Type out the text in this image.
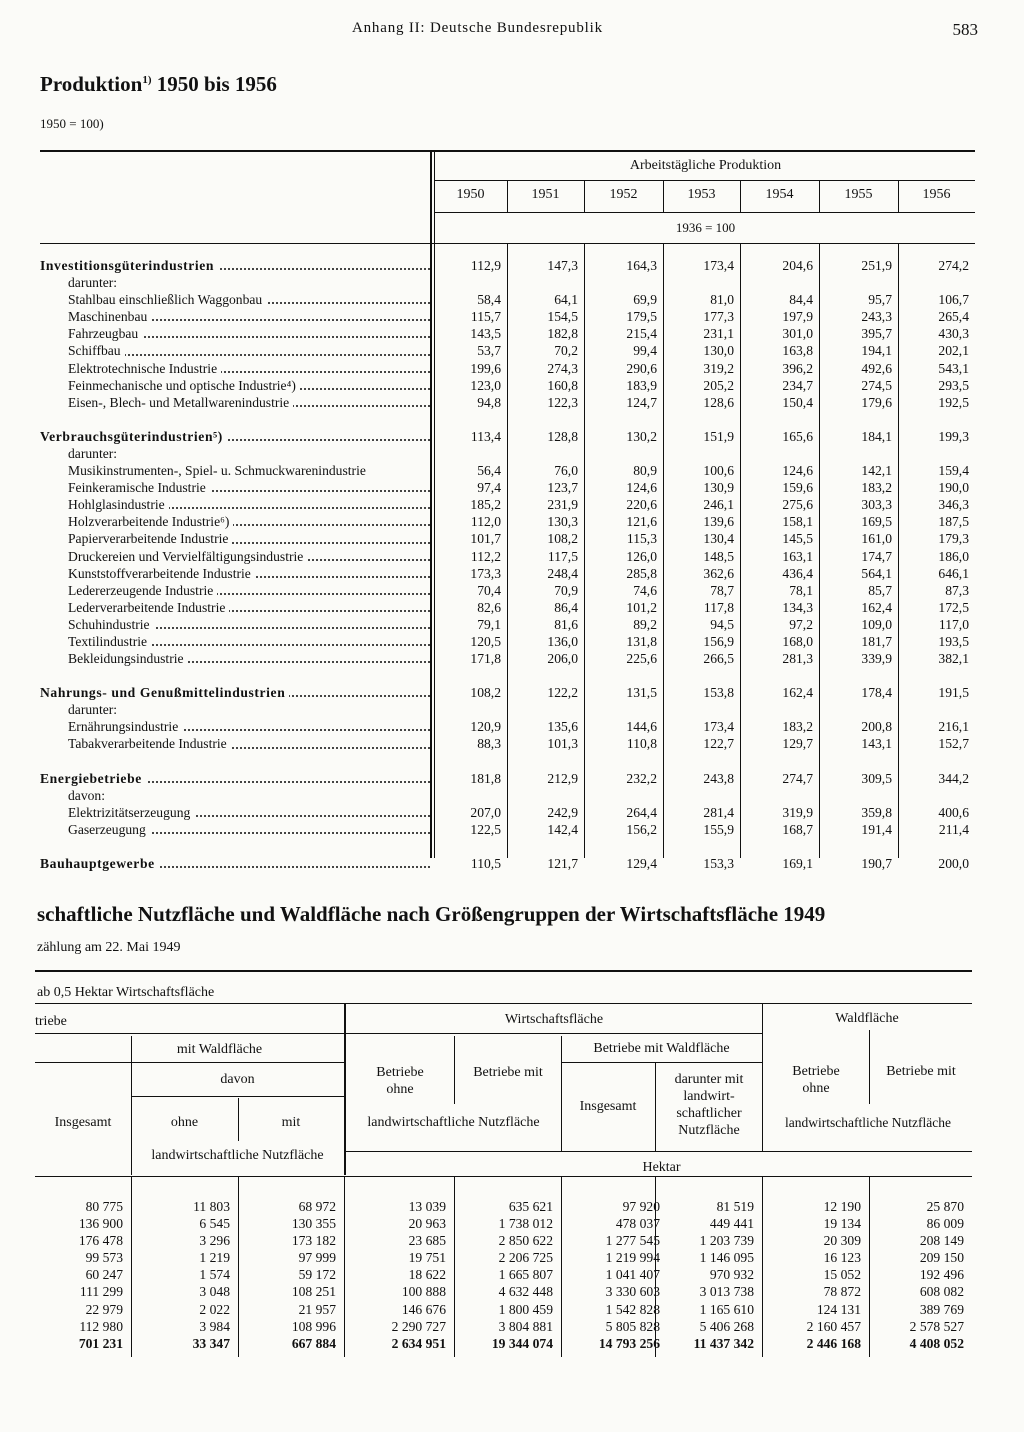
Anhang II: Deutsche Bundesrepublik	583
Produktion$^{1)}$ 1950 bis 1956
1950 = 100)
Arbeitstägliche Produktion
1950	1951	1952	1953	1954	1955	1956
1936 = 100
Investitionsgüterindustrien		112,9	147,3	164,3	173,4	204,6	251,9	274,2

darunter:								

Stahlbau einschließlich Waggonbau		58,4	64,1	69,9	81,0	84,4	95,7	106,7

Maschinenbau		115,7	154,5	179,5	177,3	197,9	243,3	265,4

Fahrzeugbau		143,5	182,8	215,4	231,1	301,0	395,7	430,3

Schiffbau		53,7	70,2	99,4	130,0	163,8	194,1	202,1

Elektrotechnische Industrie		199,6	274,3	290,6	319,2	396,2	492,6	543,1

Feinmechanische und optische Industrie⁴)		123,0	160,8	183,9	205,2	234,7	274,5	293,5

Eisen-, Blech- und Metallwarenindustrie		94,8	122,3	124,7	128,6	150,4	179,6	192,5

Verbrauchsgüterindustrien⁵)		113,4	128,8	130,2	151,9	165,6	184,1	199,3

darunter:								

Musikinstrumenten-, Spiel- u. Schmuckwarenindustrie		56,4	76,0	80,9	100,6	124,6	142,1	159,4

Feinkeramische Industrie		97,4	123,7	124,6	130,9	159,6	183,2	190,0

Hohlglasindustrie		185,2	231,9	220,6	246,1	275,6	303,3	346,3

Holzverarbeitende Industrie⁶)		112,0	130,3	121,6	139,6	158,1	169,5	187,5

Papierverarbeitende Industrie		101,7	108,2	115,3	130,4	145,5	161,0	179,3

Druckereien und Vervielfältigungsindustrie		112,2	117,5	126,0	148,5	163,1	174,7	186,0

Kunststoffverarbeitende Industrie		173,3	248,4	285,8	362,6	436,4	564,1	646,1

Ledererzeugende Industrie		70,4	70,9	74,6	78,7	78,1	85,7	87,3

Lederverarbeitende Industrie		82,6	86,4	101,2	117,8	134,3	162,4	172,5

Schuhindustrie		79,1	81,6	89,2	94,5	97,2	109,0	117,0

Textilindustrie		120,5	136,0	131,8	156,9	168,0	181,7	193,5

Bekleidungsindustrie		171,8	206,0	225,6	266,5	281,3	339,9	382,1

Nahrungs- und Genußmittelindustrien		108,2	122,2	131,5	153,8	162,4	178,4	191,5

darunter:								

Ernährungsindustrie		120,9	135,6	144,6	173,4	183,2	200,8	216,1

Tabakverarbeitende Industrie		88,3	101,3	110,8	122,7	129,7	143,1	152,7

Energiebetriebe		181,8	212,9	232,2	243,8	274,7	309,5	344,2

davon:								

Elektrizitätserzeugung		207,0	242,9	264,4	281,4	319,9	359,8	400,6

Gaserzeugung		122,5	142,4	156,2	155,9	168,7	191,4	211,4

Bauhauptgewerbe		110,5	121,7	129,4	153,3	169,1	190,7	200,0
schaftliche Nutzfläche und Waldfläche nach Größengruppen der Wirtschaftsfläche 1949
zählung am 22. Mai 1949
ab 0,5 Hektar Wirtschaftsfläche
triebe
mit Waldfläche
davon
Insgesamt	ohne	mit
landwirtschaftliche Nutzfläche
Wirtschaftsfläche
Betriebe ohne
Betriebe mit
landwirtschaftliche Nutzfläche
Betriebe mit Waldfläche
Insgesamt
darunter mit landwirt-schaftlicher Nutzfläche
Waldfläche
Betriebe ohne
Betriebe mit
landwirtschaftliche Nutzfläche
Hektar
80 775	11 803	68 972	13 039	635 621	97 920	81 519	12 190	25 870
136 900	6 545	130 355	20 963	1 738 012	478 037	449 441	19 134	86 009
176 478	3 296	173 182	23 685	2 850 622	1 277 545	1 203 739	20 309	208 149
99 573	1 219	97 999	19 751	2 206 725	1 219 994	1 146 095	16 123	209 150
60 247	1 574	59 172	18 622	1 665 807	1 041 407	970 932	15 052	192 496
111 299	3 048	108 251	100 888	4 632 448	3 330 603	3 013 738	78 872	608 082
22 979	2 022	21 957	146 676	1 800 459	1 542 828	1 165 610	124 131	389 769
112 980	3 984	108 996	2 290 727	3 804 881	5 805 828	5 406 268	2 160 457	2 578 527
701 231	33 347	667 884	2 634 951	19 344 074	14 793 256	11 437 342	2 446 168	4 408 052
